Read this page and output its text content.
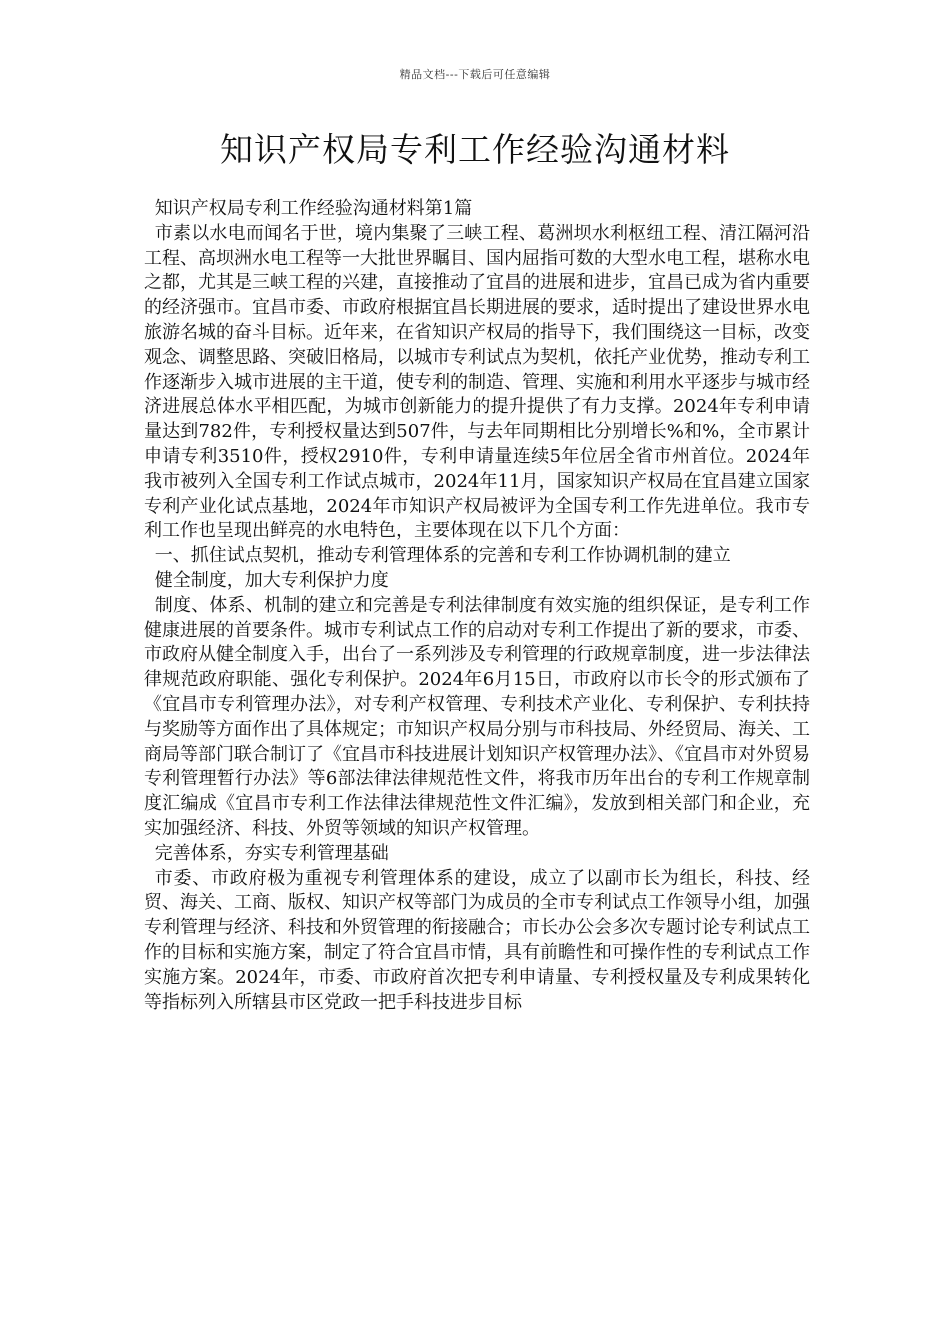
精品文档---下载后可任意编辑
知识产权局专利工作经验沟通材料

知识产权局专利工作经验沟通材料第1篇

市素以水电而闻名于世，境内集聚了三峡工程、葛洲坝水利枢纽工程、清江隔河沿工程、高坝洲水电工程等一大批世界瞩目、国内屈指可数的大型水电工程，堪称水电之都，尤其是三峡工程的兴建，直接推动了宜昌的进展和进步，宜昌已成为省内重要的经济强市。宜昌市委、市政府根据宜昌长期进展的要求，适时提出了建设世界水电旅游名城的奋斗目标。近年来，在省知识产权局的指导下，我们围绕这一目标，改变观念、调整思路、突破旧格局，以城市专利试点为契机，依托产业优势，推动专利工作逐渐步入城市进展的主干道，使专利的制造、管理、实施和利用水平逐步与城市经济进展总体水平相匹配，为城市创新能力的提升提供了有力支撑。2024年专利申请量达到782件，专利授权量达到507件，与去年同期相比分别增长%和%，全市累计申请专利3510件，授权2910件，专利申请量连续5年位居全省市州首位。2024年我市被列入全国专利工作试点城市，2024年11月，国家知识产权局在宜昌建立国家专利产业化试点基地，2024年市知识产权局被评为全国专利工作先进单位。我市专利工作也呈现出鲜亮的水电特色，主要体现在以下几个方面：

一、抓住试点契机，推动专利管理体系的完善和专利工作协调机制的建立

健全制度，加大专利保护力度

制度、体系、机制的建立和完善是专利法律制度有效实施的组织保证，是专利工作健康进展的首要条件。城市专利试点工作的启动对专利工作提出了新的要求，市委、市政府从健全制度入手，出台了一系列涉及专利管理的行政规章制度，进一步法律法律规范政府职能、强化专利保护。2024年6月15日，市政府以市长令的形式颁布了《宜昌市专利管理办法》，对专利产权管理、专利技术产业化、专利保护、专利扶持与奖励等方面作出了具体规定；市知识产权局分别与市科技局、外经贸局、海关、工商局等部门联合制订了《宜昌市科技进展计划知识产权管理办法》、《宜昌市对外贸易专利管理暂行办法》等6部法律法律规范性文件，将我市历年出台的专利工作规章制度汇编成《宜昌市专利工作法律法律规范性文件汇编》，发放到相关部门和企业，充实加强经济、科技、外贸等领域的知识产权管理。

完善体系，夯实专利管理基础

市委、市政府极为重视专利管理体系的建设，成立了以副市长为组长，科技、经贸、海关、工商、版权、知识产权等部门为成员的全市专利试点工作领导小组，加强专利管理与经济、科技和外贸管理的衔接融合；市长办公会多次专题讨论专利试点工作的目标和实施方案，制定了符合宜昌市情，具有前瞻性和可操作性的专利试点工作实施方案。2024年，市委、市政府首次把专利申请量、专利授权量及专利成果转化等指标列入所辖县市区党政一把手科技进步目标
